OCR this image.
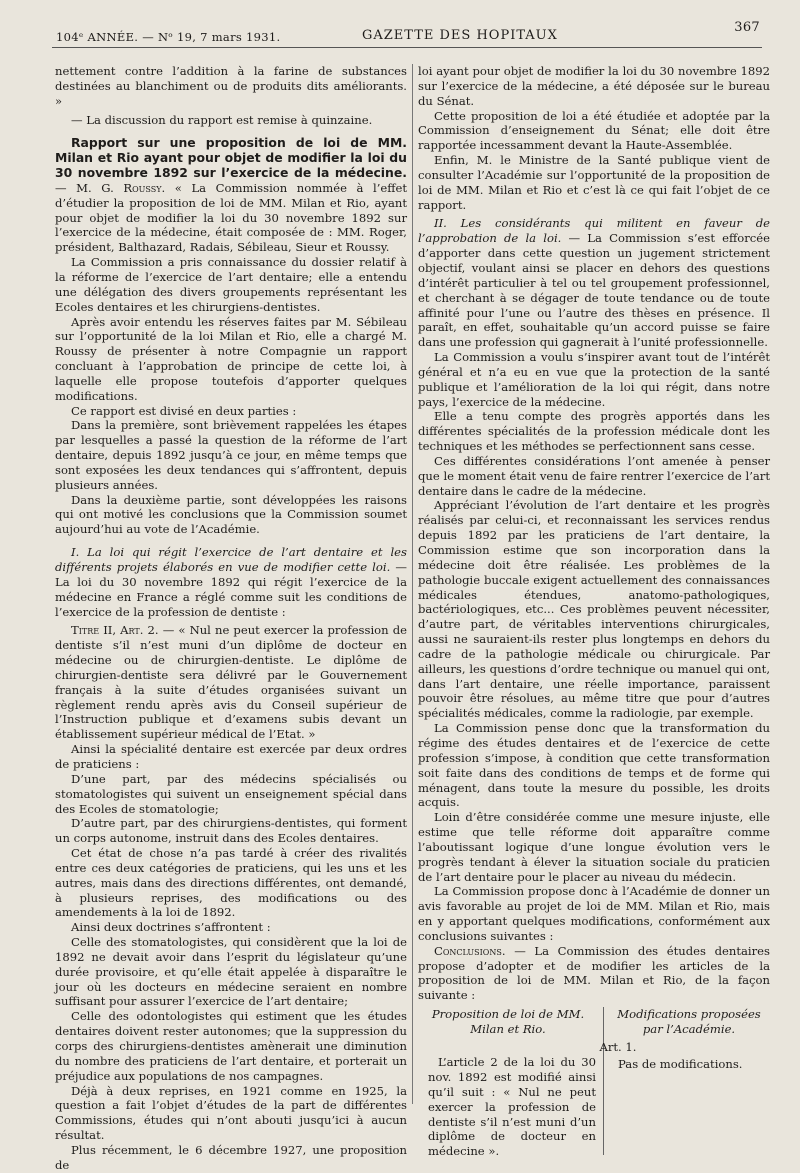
104ᵉ ANNÉE. — Nᵒ 19, 7 mars 1931.	GAZETTE DES HOPITAUX
367

nettement contre l’addition à la farine de substances destinées au blanchiment ou de produits dits améliorants. »

— La discussion du rapport est remise à quinzaine.

Rapport sur une proposition de loi de MM. Milan et Rio ayant pour objet de modifier la loi du 30 novembre 1892 sur l’exercice de la médecine. — M. G. Roussy. « La Commission nommée à l’effet d’étudier la proposition de loi de MM. Milan et Rio, ayant pour objet de modifier la loi du 30 novembre 1892 sur l’exercice de la médecine, était composée de : MM. Roger, président, Balthazard, Radais, Sébileau, Sieur et Roussy.

La Commission a pris connaissance du dossier relatif à la réforme de l’exercice de l’art dentaire; elle a entendu une délégation des divers groupements représentant les Ecoles dentaires et les chirurgiens-dentistes.

Après avoir entendu les réserves faites par M. Sébileau sur l’opportunité de la loi Milan et Rio, elle a chargé M. Roussy de présenter à notre Compagnie un rapport concluant à l’approbation de principe de cette loi, à laquelle elle propose toutefois d’apporter quelques modifications.

Ce rapport est divisé en deux parties :

Dans la première, sont brièvement rappelées les étapes par lesquelles a passé la question de la réforme de l’art dentaire, depuis 1892 jusqu’à ce jour, en même temps que sont exposées les deux tendances qui s’affrontent, depuis plusieurs années.

Dans la deuxième partie, sont développées les raisons qui ont motivé les conclusions que la Commission soumet aujourd’hui au vote de l’Académie.

I. La loi qui régit l’exercice de l’art dentaire et les différents projets élaborés en vue de modifier cette loi. — La loi du 30 novembre 1892 qui régit l’exercice de la médecine en France a réglé comme suit les conditions de l’exercice de la profession de dentiste :

Titre II, Art. 2. — « Nul ne peut exercer la profession de dentiste s’il n’est muni d’un diplôme de docteur en médecine ou de chirurgien-dentiste. Le diplôme de chirurgien-dentiste sera délivré par le Gouvernement français à la suite d’études organisées suivant un règlement rendu après avis du Conseil supérieur de l’Instruction publique et d’examens subis devant un établissement supérieur médical de l’Etat. »

Ainsi la spécialité dentaire est exercée par deux ordres de praticiens :

D’une part, par des médecins spécialisés ou stomatologistes qui suivent un enseignement spécial dans des Ecoles de stomatologie;

D’autre part, par des chirurgiens-dentistes, qui forment un corps autonome, instruit dans des Ecoles dentaires.

Cet état de chose n’a pas tardé à créer des rivalités entre ces deux catégories de praticiens, qui les uns et les autres, mais dans des directions différentes, ont demandé, à plusieurs reprises, des modifications ou des amendements à la loi de 1892.

Ainsi deux doctrines s’affrontent :

Celle des stomatologistes, qui considèrent que la loi de 1892 ne devait avoir dans l’esprit du législateur qu’une durée provisoire, et qu’elle était appelée à disparaître le jour où les docteurs en médecine seraient en nombre suffisant pour assurer l’exercice de l’art dentaire;

Celle des odontologistes qui estiment que les études dentaires doivent rester autonomes; que la suppression du corps des chirurgiens-dentistes amènerait une diminution du nombre des praticiens de l’art dentaire, et porterait un préjudice aux populations de nos campagnes.

Déjà à deux reprises, en 1921 comme en 1925, la question a fait l’objet d’études de la part de différentes Commissions, études qui n’ont abouti jusqu’ici à aucun résultat.

Plus récemment, le 6 décembre 1927, une proposition de

loi ayant pour objet de modifier la loi du 30 novembre 1892 sur l’exercice de la médecine, a été déposée sur le bureau du Sénat.

Cette proposition de loi a été étudiée et adoptée par la Commission d’enseignement du Sénat; elle doit être rapportée incessamment devant la Haute-Assemblée.

Enfin, M. le Ministre de la Santé publique vient de consulter l’Académie sur l’opportunité de la proposition de loi de MM. Milan et Rio et c’est là ce qui fait l’objet de ce rapport.

II. Les considérants qui militent en faveur de l’approbation de la loi. — La Commission s’est efforcée d’apporter dans cette question un jugement strictement objectif, voulant ainsi se placer en dehors des questions d’intérêt particulier à tel ou tel groupement professionnel, et cherchant à se dégager de toute tendance ou de toute affinité pour l’une ou l’autre des thèses en présence. Il paraît, en effet, souhaitable qu’un accord puisse se faire dans une profession qui gagnerait à l’unité professionnelle.

La Commission a voulu s’inspirer avant tout de l’intérêt général et n’a eu en vue que la protection de la santé publique et l’amélioration de la loi qui régit, dans notre pays, l’exercice de la médecine.

Elle a tenu compte des progrès apportés dans les différentes spécialités de la profession médicale dont les techniques et les méthodes se perfectionnent sans cesse.

Ces différentes considérations l’ont amenée à penser que le moment était venu de faire rentrer l’exercice de l’art dentaire dans le cadre de la médecine.

Appréciant l’évolution de l’art dentaire et les progrès réalisés par celui-ci, et reconnaissant les services rendus depuis 1892 par les praticiens de l’art dentaire, la Commission estime que son incorporation dans la médecine doit être réalisée. Les problèmes de la pathologie buccale exigent actuellement des connaissances médicales étendues, anatomo-pathologiques, bactériologiques, etc... Ces problèmes peuvent nécessiter, d’autre part, de véritables interventions chirurgicales, aussi ne sauraient-ils rester plus longtemps en dehors du cadre de la pathologie médicale ou chirurgicale. Par ailleurs, les questions d’ordre technique ou manuel qui ont, dans l’art dentaire, une réelle importance, paraissent pouvoir être résolues, au même titre que pour d’autres spécialités médicales, comme la radiologie, par exemple.

La Commission pense donc que la transformation du régime des études dentaires et de l’exercice de cette profession s’impose, à condition que cette transformation soit faite dans des conditions de temps et de forme qui ménagent, dans toute la mesure du possible, les droits acquis.

Loin d’être considérée comme une mesure injuste, elle estime que telle réforme doit apparaître comme l’aboutissant logique d’une longue évolution vers le progrès tendant à élever la situation sociale du praticien de l’art dentaire pour le placer au niveau du médecin.

La Commission propose donc à l’Académie de donner un avis favorable au projet de loi de MM. Milan et Rio, mais en y apportant quelques modifications, conformément aux conclusions suivantes :

Conclusions. — La Commission des études dentaires propose d’adopter et de modifier les articles de la proposition de loi de MM. Milan et Rio, de la façon suivante :

Proposition de loi de MM. Milan et Rio.
Modifications proposées par l’Académie.
Art. 1.

L’article 2 de la loi du 30 nov. 1892 est modifié ainsi qu’il suit : « Nul ne peut exercer la profession de dentiste s’il n’est muni d’un diplôme de docteur en médecine ».

Pas de modifications.
